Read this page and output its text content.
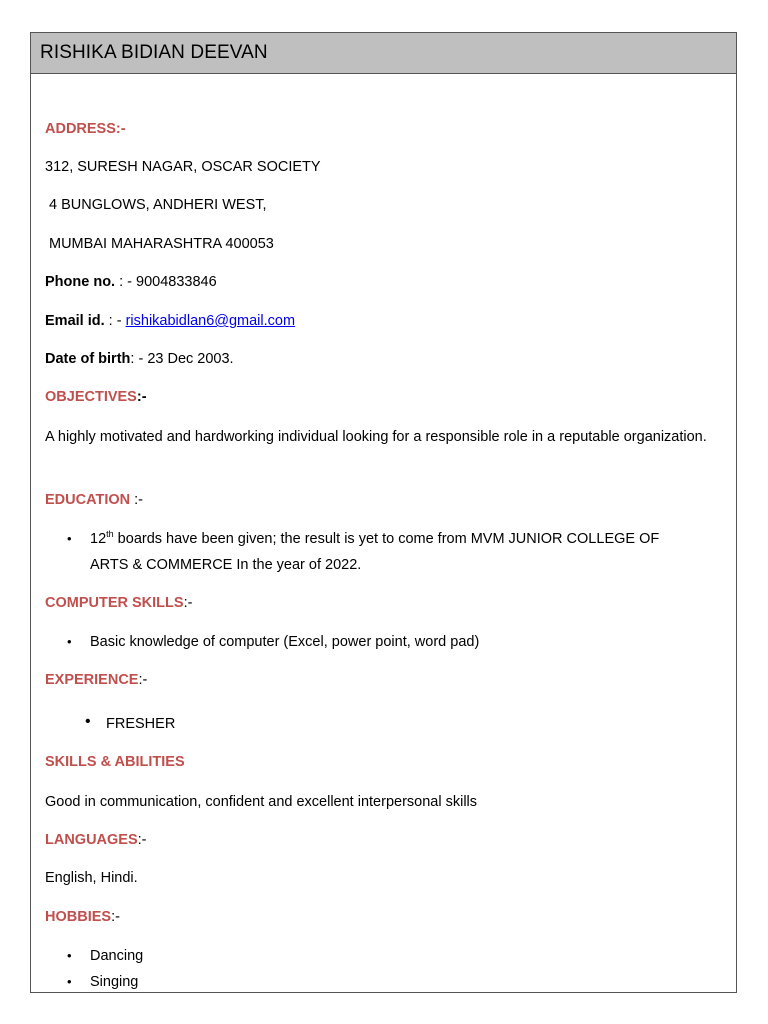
RISHIKA BIDIAN DEEVAN
ADDRESS:-
312, SURESH NAGAR, OSCAR SOCIETY
4 BUNGLOWS, ANDHERI WEST,
MUMBAI MAHARASHTRA 400053
Phone no. : - 9004833846
Email id. : - rishikabidlan6@gmail.com
Date of birth: - 23 Dec 2003.
OBJECTIVES:-
A highly motivated and hardworking individual looking for a responsible role in a reputable organization.
EDUCATION :-
• 12th boards have been given; the result is yet to come from MVM JUNIOR COLLEGE OF
ARTS & COMMERCE In the year of 2022.
COMPUTER SKILLS:-
• Basic knowledge of computer (Excel, power point, word pad)
EXPERIENCE:-
• FRESHER
SKILLS & ABILITIES
Good in communication, confident and excellent interpersonal skills
LANGUAGES:-
English, Hindi.
HOBBIES:-
• Dancing
• Singing
